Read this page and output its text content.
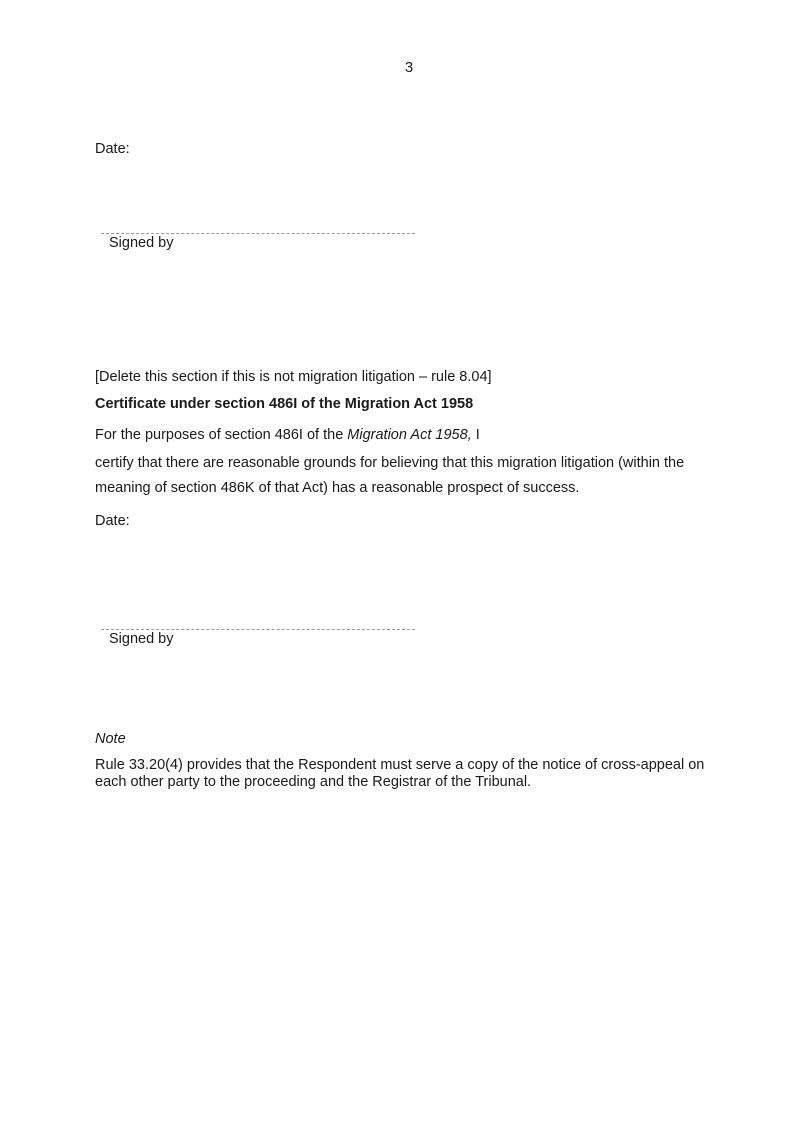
3
Date:
Signed by
[Delete this section if this is not migration litigation – rule 8.04]
Certificate under section 486I of the Migration Act 1958
For the purposes of section 486I of the Migration Act 1958, I
certify that there are reasonable grounds for believing that this migration litigation (within the
meaning of section 486K of that Act) has a reasonable prospect of success.
Date:
Signed by
Note
Rule 33.20(4) provides that the Respondent must serve a copy of the notice of cross-appeal on
each other party to the proceeding and the Registrar of the Tribunal.
